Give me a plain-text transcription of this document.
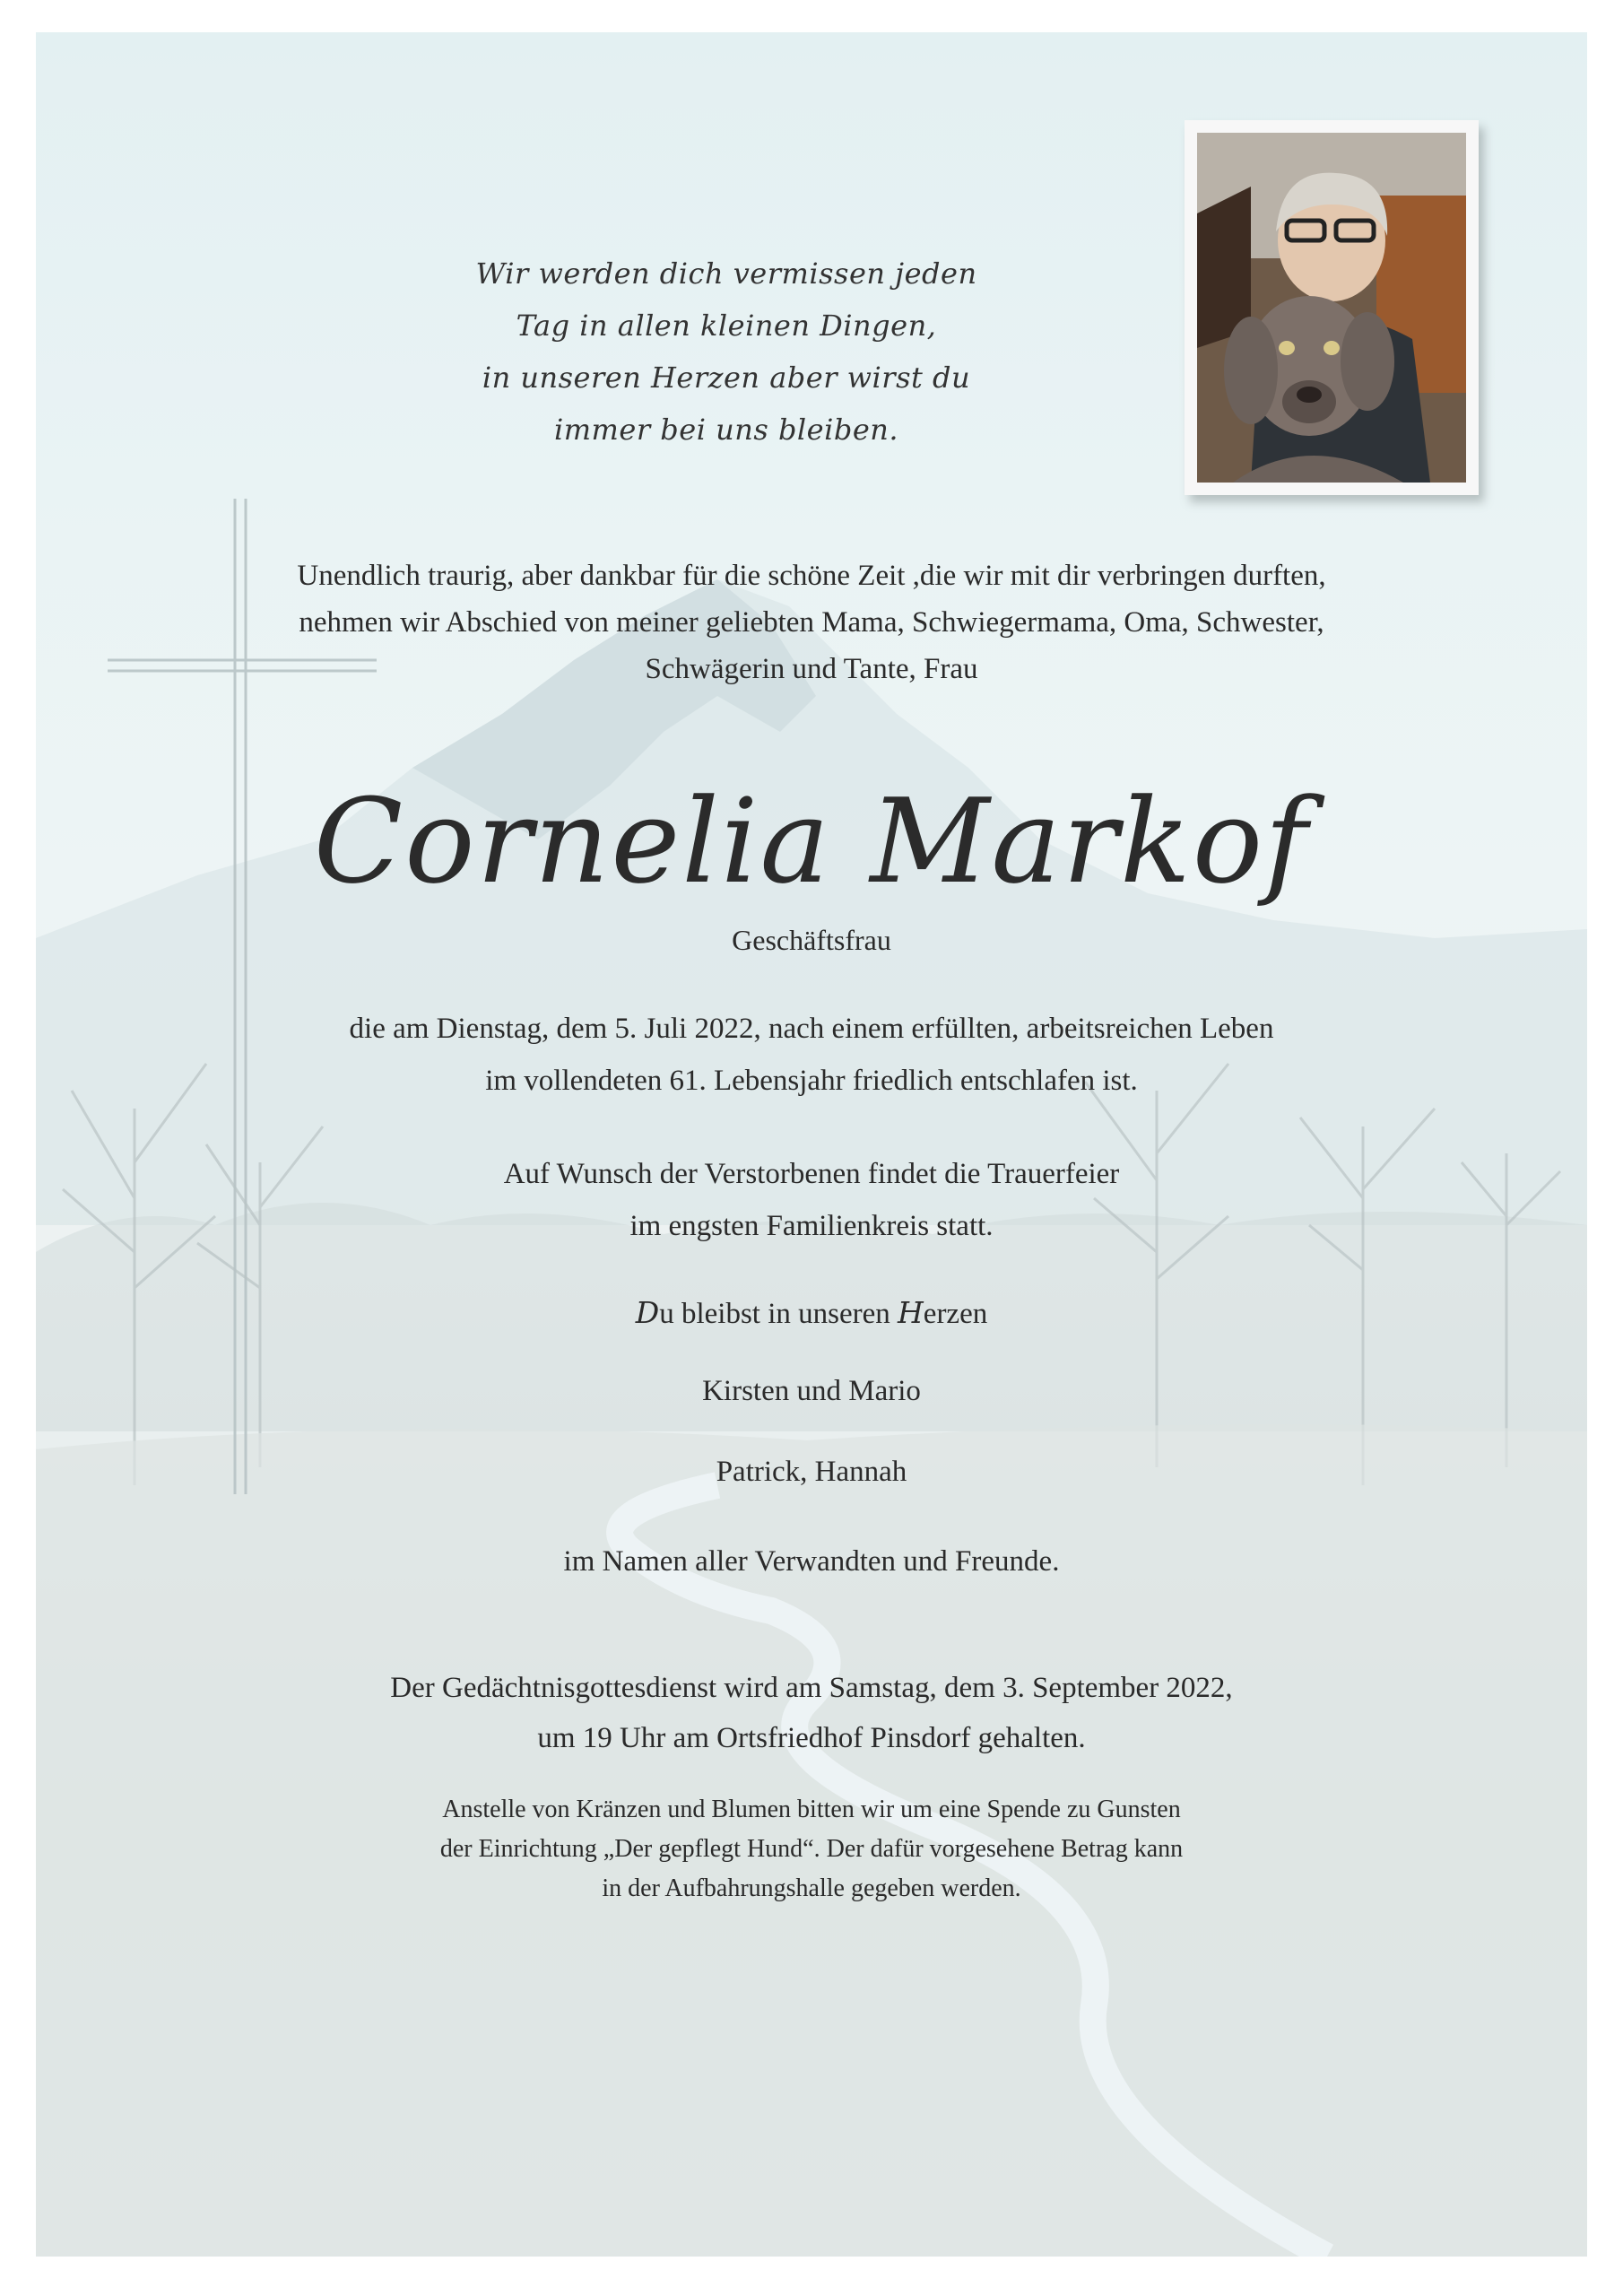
Wir werden dich vermissen jeden
Tag in allen kleinen Dingen,
in unseren Herzen aber wirst du
immer bei uns bleiben.
Unendlich traurig, aber dankbar für die schöne Zeit ,die wir mit dir verbringen durften,
nehmen wir Abschied von meiner geliebten Mama, Schwiegermama, Oma, Schwester,
Schwägerin und Tante, Frau
Cornelia Markof
Geschäftsfrau
die am Dienstag, dem 5. Juli 2022, nach einem erfüllten, arbeitsreichen Leben
im vollendeten 61. Lebensjahr friedlich entschlafen ist.
Auf Wunsch der Verstorbenen findet die Trauerfeier
im engsten Familienkreis statt.
Du bleibst in unseren Herzen
Kirsten und Mario
Patrick, Hannah
im Namen aller Verwandten und Freunde.
Der Gedächtnisgottesdienst wird am Samstag, dem 3. September 2022,
um 19 Uhr am Ortsfriedhof Pinsdorf gehalten.
Anstelle von Kränzen und Blumen bitten wir um eine Spende zu Gunsten
der Einrichtung „Der gepflegt Hund“. Der dafür vorgesehene Betrag kann
in der Aufbahrungshalle gegeben werden.
